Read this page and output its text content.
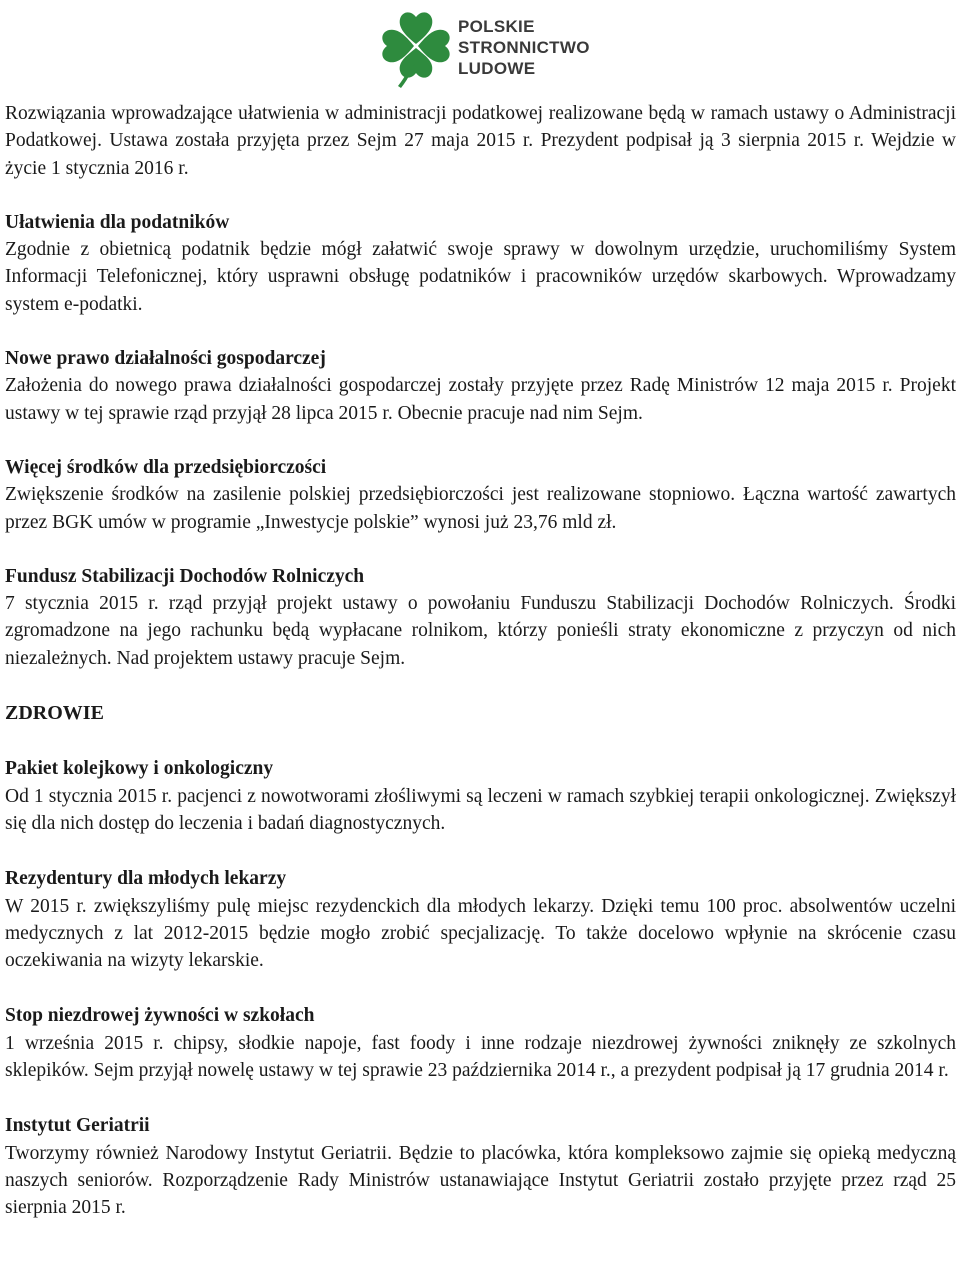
POLSKIE
STRONNICTWO
LUDOWE

Rozwiązania wprowadzające ułatwienia w administracji podatkowej realizowane będą w ramach ustawy o Administracji Podatkowej. Ustawa została przyjęta przez Sejm 27 maja 2015 r. Prezydent podpisał ją 3 sierpnia 2015 r. Wejdzie w życie 1 stycznia 2016 r.

Ułatwienia dla podatników

Zgodnie z obietnicą podatnik będzie mógł załatwić swoje sprawy w dowolnym urzędzie, uruchomiliśmy System Informacji Telefonicznej, który usprawni obsługę podatników i pracowników urzędów skarbowych. Wprowadzamy system e-podatki.

Nowe prawo działalności gospodarczej

Założenia do nowego prawa działalności gospodarczej zostały przyjęte przez Radę Ministrów 12 maja 2015 r. Projekt ustawy w tej sprawie rząd przyjął 28 lipca 2015 r. Obecnie pracuje nad nim Sejm.

Więcej środków dla przedsiębiorczości

Zwiększenie środków na zasilenie polskiej przedsiębiorczości jest realizowane stopniowo. Łączna wartość zawartych przez BGK umów w programie „Inwestycje polskie” wynosi już 23,76 mld zł.

Fundusz Stabilizacji Dochodów Rolniczych

7 stycznia 2015 r. rząd przyjął projekt ustawy o powołaniu Funduszu Stabilizacji Dochodów Rolniczych. Środki zgromadzone na jego rachunku będą wypłacane rolnikom, którzy ponieśli straty ekonomiczne z przyczyn od nich niezależnych. Nad projektem ustawy pracuje Sejm.

ZDROWIE
Pakiet kolejkowy i onkologiczny

Od 1 stycznia 2015 r. pacjenci z nowotworami złośliwymi są leczeni w ramach szybkiej terapii onkologicznej. Zwiększył się dla nich dostęp do leczenia i badań diagnostycznych.

Rezydentury dla młodych lekarzy

W 2015 r. zwiększyliśmy pulę miejsc rezydenckich dla młodych lekarzy. Dzięki temu 100 proc. absolwentów uczelni medycznych z lat 2012-2015 będzie mogło zrobić specjalizację. To także docelowo wpłynie na skrócenie czasu oczekiwania na wizyty lekarskie.

Stop niezdrowej żywności w szkołach

1 września 2015 r. chipsy, słodkie napoje, fast foody i inne rodzaje niezdrowej żywności zniknęły ze szkolnych sklepików. Sejm przyjął nowelę ustawy w tej sprawie 23 października 2014 r., a prezydent podpisał ją 17 grudnia 2014 r.

Instytut Geriatrii

Tworzymy również Narodowy Instytut Geriatrii. Będzie to placówka, która kompleksowo zajmie się opieką medyczną naszych seniorów. Rozporządzenie Rady Ministrów ustanawiające Instytut Geriatrii zostało przyjęte przez rząd 25 sierpnia 2015 r.
